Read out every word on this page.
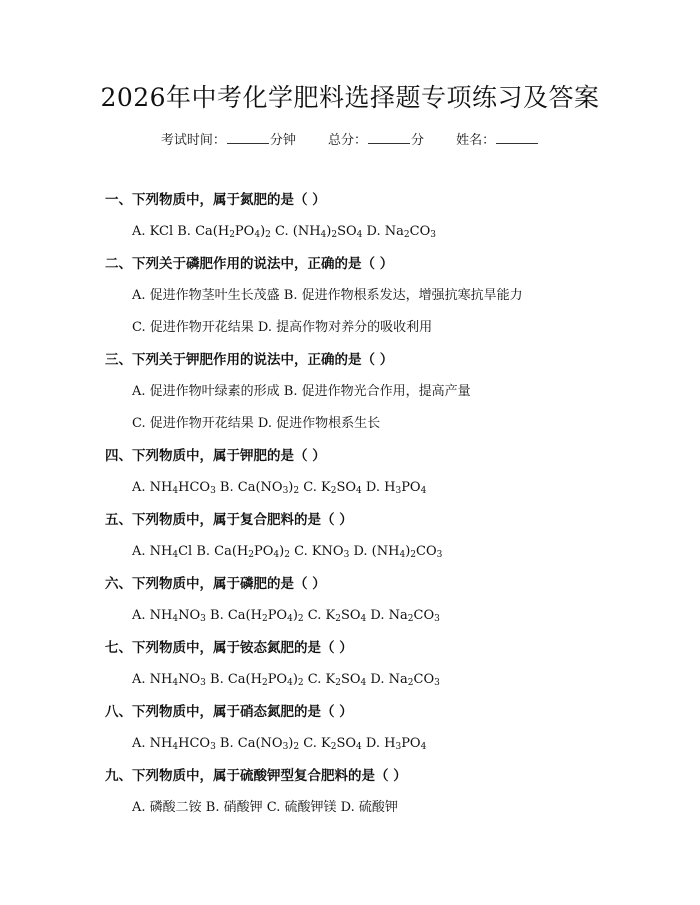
2026年中考化学肥料选择题专项练习及答案
考试时间：	分钟 总分：	分 姓名：

一、下列物质中，属于氮肥的是（ ）

A. KCl B. $Ca(H_2PO_4)_2$ C. $(NH_4)_2SO_4$ D. $Na_2CO_3$

二、下列关于磷肥作用的说法中，正确的是（ ）

A. 促进作物茎叶生长茂盛 B. 促进作物根系发达，增强抗寒抗旱能力

C. 促进作物开花结果 D. 提高作物对养分的吸收利用

三、下列关于钾肥作用的说法中，正确的是（ ）

A. 促进作物叶绿素的形成 B. 促进作物光合作用，提高产量

C. 促进作物开花结果 D. 促进作物根系生长

四、下列物质中，属于钾肥的是（ ）

A. $NH_4HCO_3$ B. $Ca(NO_3)_2$ C. $K_2SO_4$ D. $H_3PO_4$

五、下列物质中，属于复合肥料的是（ ）

A. $NH_4Cl$ B. $Ca(H_2PO_4)_2$ C. $KNO_3$ D. $(NH_4)_2CO_3$

六、下列物质中，属于磷肥的是（ ）

A. $NH_4NO_3$ B. $Ca(H_2PO_4)_2$ C. $K_2SO_4$ D. $Na_2CO_3$

七、下列物质中，属于铵态氮肥的是（ ）

A. $NH_4NO_3$ B. $Ca(H_2PO_4)_2$ C. $K_2SO_4$ D. $Na_2CO_3$

八、下列物质中，属于硝态氮肥的是（ ）

A. $NH_4HCO_3$ B. $Ca(NO_3)_2$ C. $K_2SO_4$ D. $H_3PO_4$

九、下列物质中，属于硫酸钾型复合肥料的是（ ）

A. 磷酸二铵 B. 硝酸钾 C. 硫酸钾镁 D. 硫酸钾
